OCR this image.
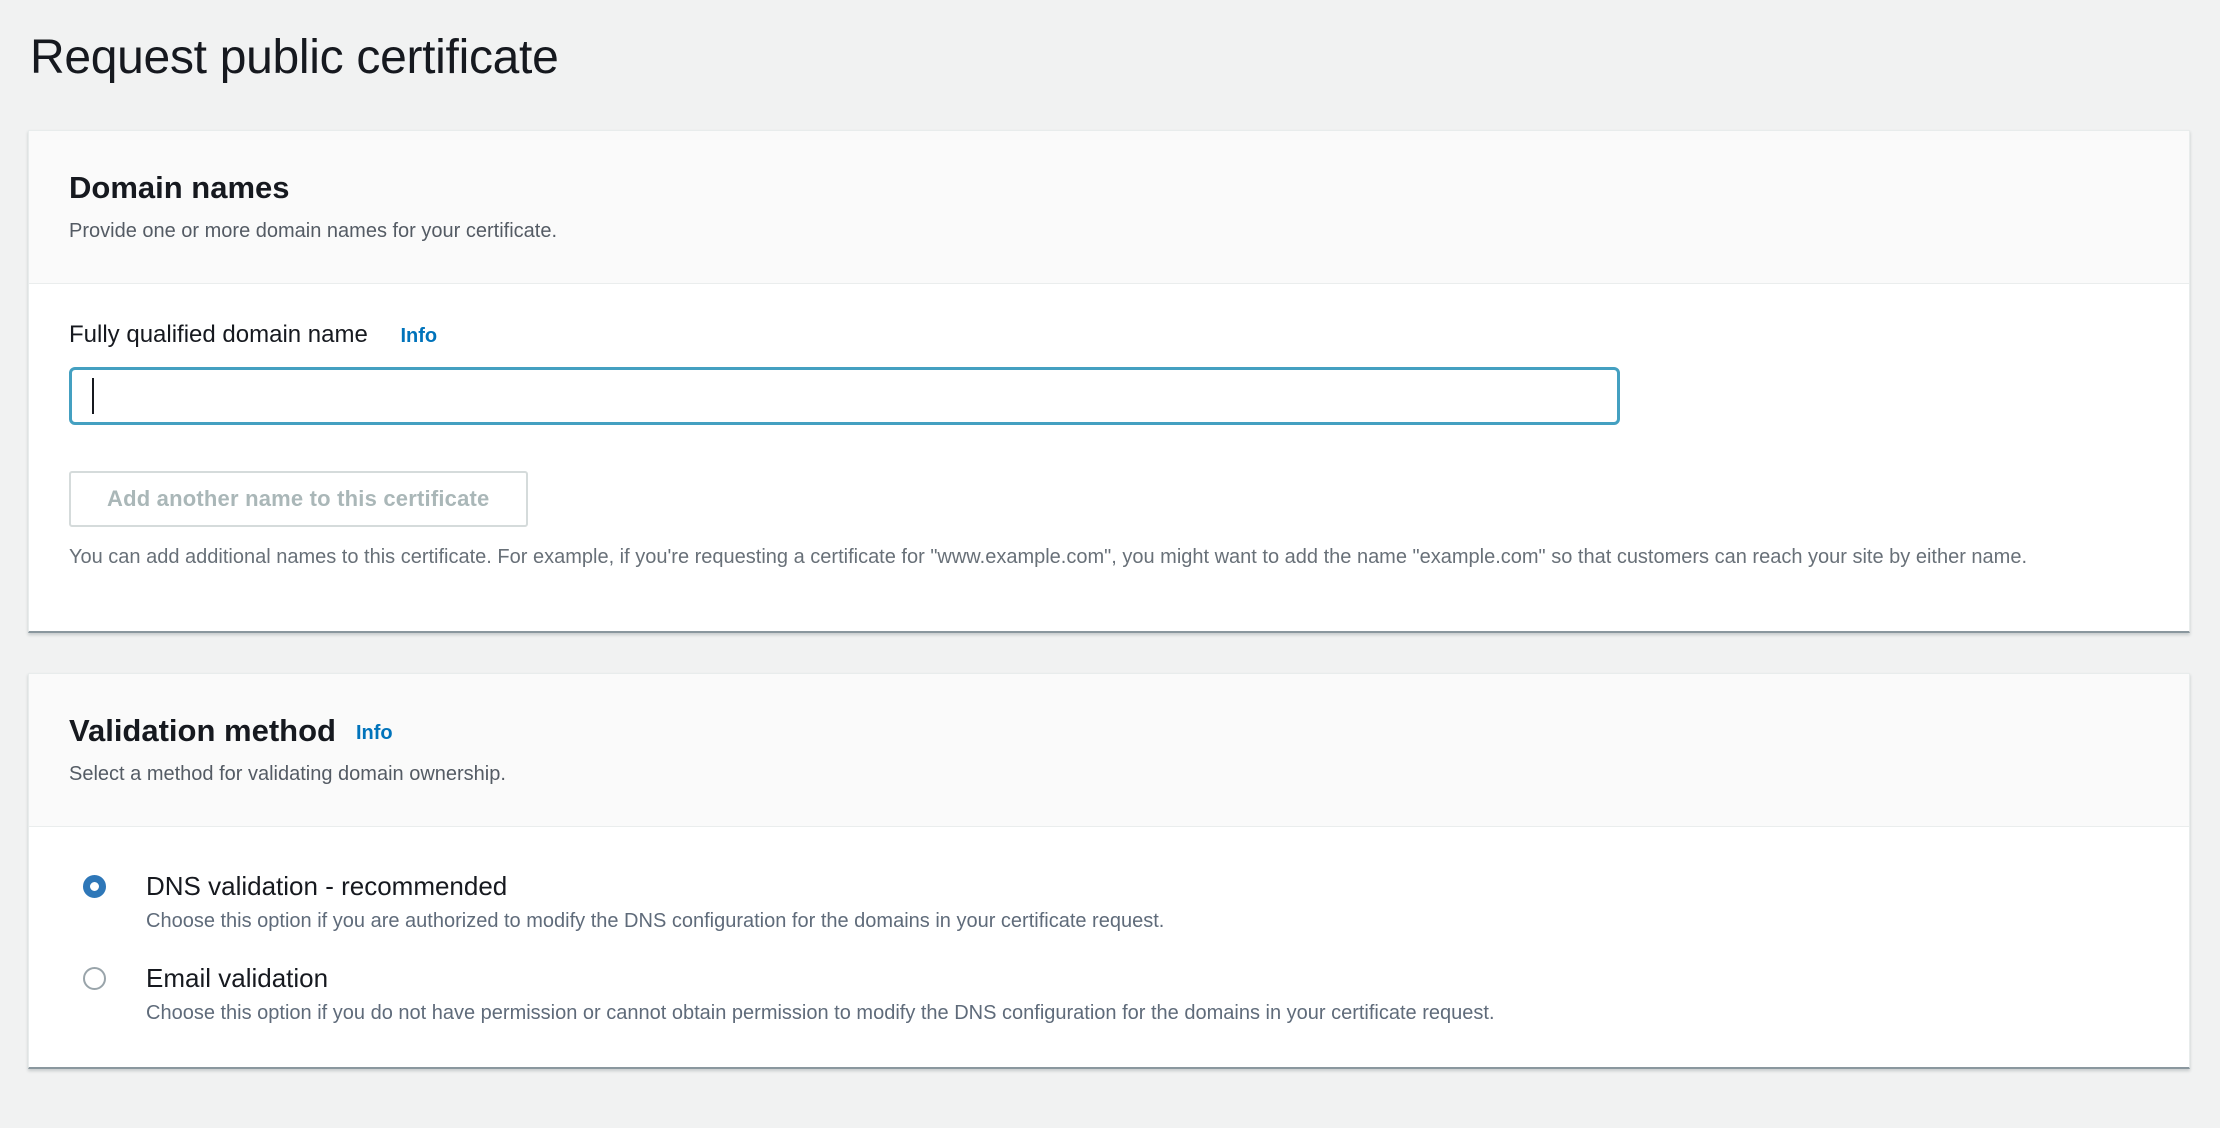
Request public certificate
Domain names

Provide one or more domain names for your certificate.

Fully qualified domain name Info
Add another name to this certificate

You can add additional names to this certificate. For example, if you're requesting a certificate for "www.example.com", you might want to add the name "example.com" so that customers can reach your site by either name.

Validation method Info

Select a method for validating domain ownership.

DNS validation - recommended

Choose this option if you are authorized to modify the DNS configuration for the domains in your certificate request.

Email validation

Choose this option if you do not have permission or cannot obtain permission to modify the DNS configuration for the domains in your certificate request.
